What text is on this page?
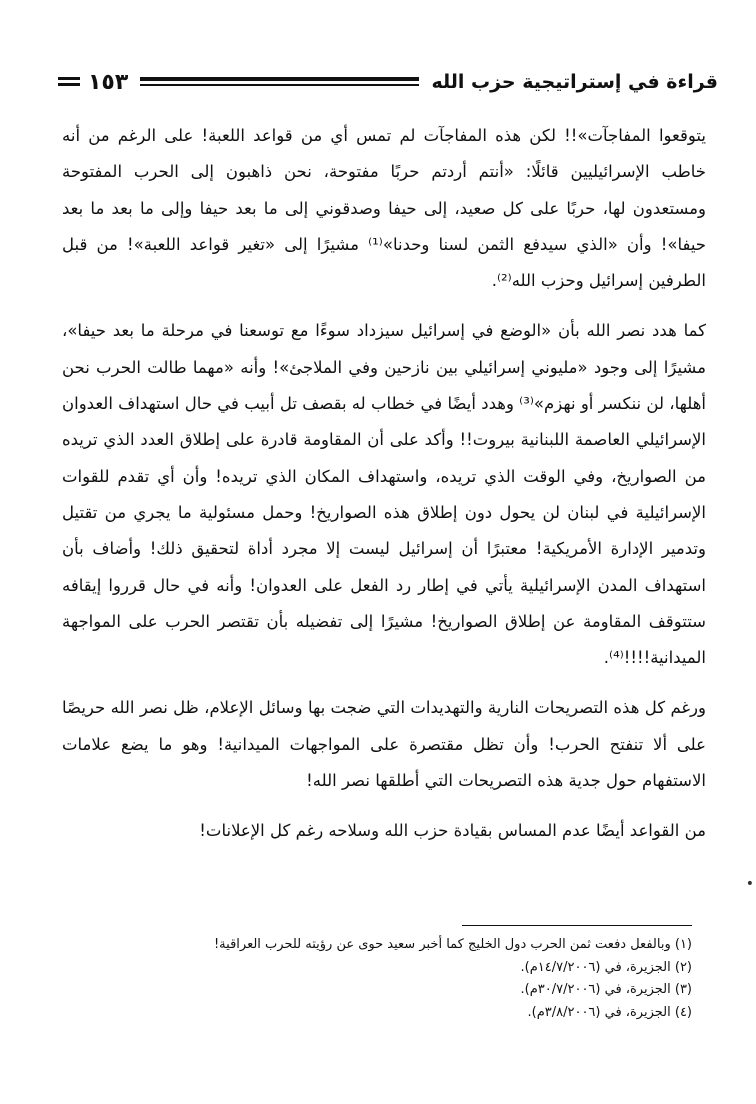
قراءة في إستراتيجية حزب الله
١٥٣

يتوقعوا المفاجآت»!! لكن هذه المفاجآت لم تمس أي من قواعد اللعبة! على الرغم من أنه خاطب الإسرائيليين قائلًا: «أنتم أردتم حربًا مفتوحة، نحن ذاهبون إلى الحرب المفتوحة ومستعدون لها، حربًا على كل صعيد، إلى حيفا وصدقوني إلى ما بعد حيفا وإلى ما بعد ما بعد حيفا»! وأن «الذي سيدفع الثمن لسنا وحدنا»⁽¹⁾ مشيرًا إلى «تغير قواعد اللعبة»! من قبل الطرفين إسرائيل وحزب الله⁽²⁾.

كما هدد نصر الله بأن «الوضع في إسرائيل سيزداد سوءًا مع توسعنا في مرحلة ما بعد حيفا»، مشيرًا إلى وجود «مليوني إسرائيلي بين نازحين وفي الملاجئ»! وأنه «مهما طالت الحرب نحن أهلها، لن ننكسر أو نهزم»⁽³⁾ وهدد أيضًا في خطاب له بقصف تل أبيب في حال استهداف العدوان الإسرائيلي العاصمة اللبنانية بيروت!! وأكد على أن المقاومة قادرة على إطلاق العدد الذي تريده من الصواريخ، وفي الوقت الذي تريده، واستهداف المكان الذي تريده! وأن أي تقدم للقوات الإسرائيلية في لبنان لن يحول دون إطلاق هذه الصواريخ! وحمل مسئولية ما يجري من تقتيل وتدمير الإدارة الأمريكية! معتبرًا أن إسرائيل ليست إلا مجرد أداة لتحقيق ذلك! وأضاف بأن استهداف المدن الإسرائيلية يأتي في إطار رد الفعل على العدوان! وأنه في حال قرروا إيقافه ستتوقف المقاومة عن إطلاق الصواريخ! مشيرًا إلى تفضيله بأن تقتصر الحرب على المواجهة الميدانية!!!!⁽⁴⁾.

ورغم كل هذه التصريحات النارية والتهديدات التي ضجت بها وسائل الإعلام، ظل نصر الله حريصًا على ألا تنفتح الحرب! وأن تظل مقتصرة على المواجهات الميدانية! وهو ما يضع علامات الاستفهام حول جدية هذه التصريحات التي أطلقها نصر الله!

من القواعد أيضًا عدم المساس بقيادة حزب الله وسلاحه رغم كل الإعلانات!

•

(١) وبالفعل دفعت ثمن الحرب دول الخليج كما أخبر سعيد حوى عن رؤيته للحرب العراقية!

(٢) الجزيرة، في (١٤/٧/٢٠٠٦م).

(٣) الجزيرة، في (٣٠/٧/٢٠٠٦م).

(٤) الجزيرة، في (٣/٨/٢٠٠٦م).
